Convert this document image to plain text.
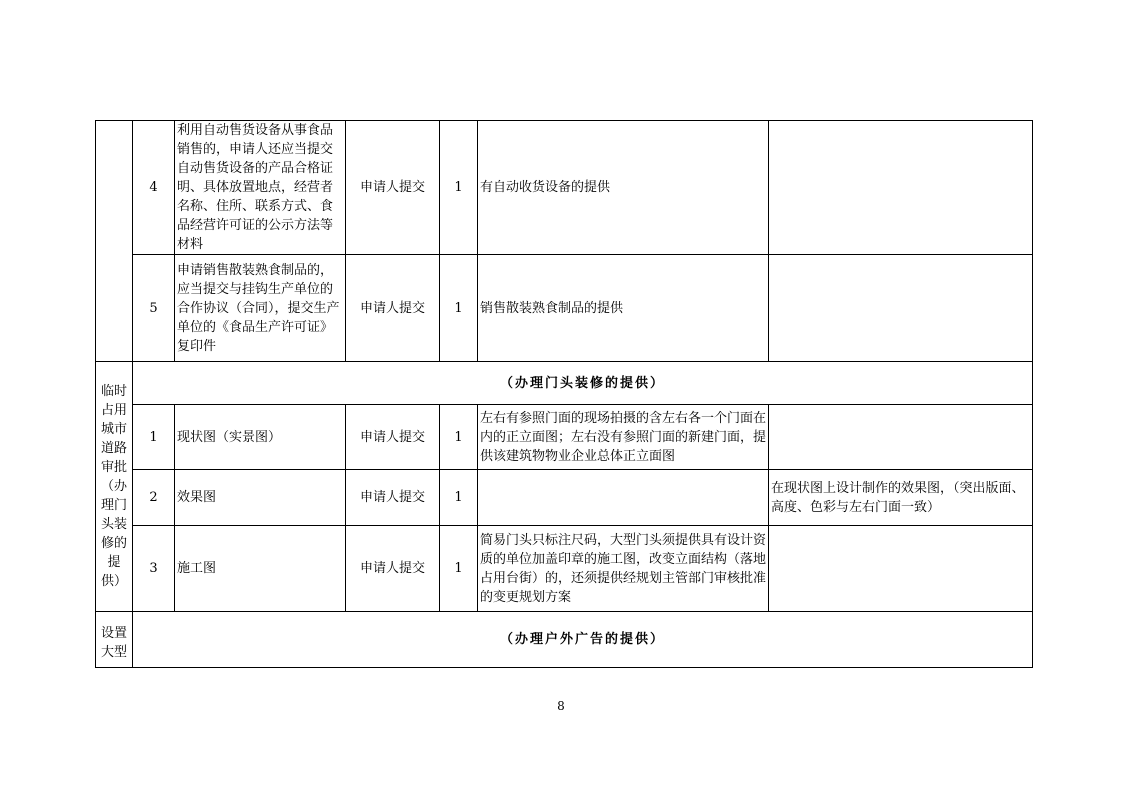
	4	利用自动售货设备从事食品销售的，申请人还应当提交自动售货设备的产品合格证明、具体放置地点，经营者名称、住所、联系方式、食品经营许可证的公示方法等材料	申请人提交	1	有自动收货设备的提供	
	5	申请销售散装熟食制品的，应当提交与挂钩生产单位的合作协议（合同），提交生产单位的《食品生产许可证》复印件	申请人提交	1	销售散装熟食制品的提供	
临时占用城市道路审批（办理门头装修的提供）	（办理门头装修的提供）					
	1	现状图（实景图）	申请人提交	1	左右有参照门面的现场拍摄的含左右各一个门面在内的正立面图；左右没有参照门面的新建门面，提供该建筑物物业企业总体正立面图	
	2	效果图	申请人提交	1		在现状图上设计制作的效果图，（突出版面、高度、色彩与左右门面一致）
	3	施工图	申请人提交	1	简易门头只标注尺码，大型门头须提供具有设计资质的单位加盖印章的施工图，改变立面结构（落地占用台街）的，还须提供经规划主管部门审核批准的变更规划方案	
设置大型	（办理户外广告的提供）					
8
